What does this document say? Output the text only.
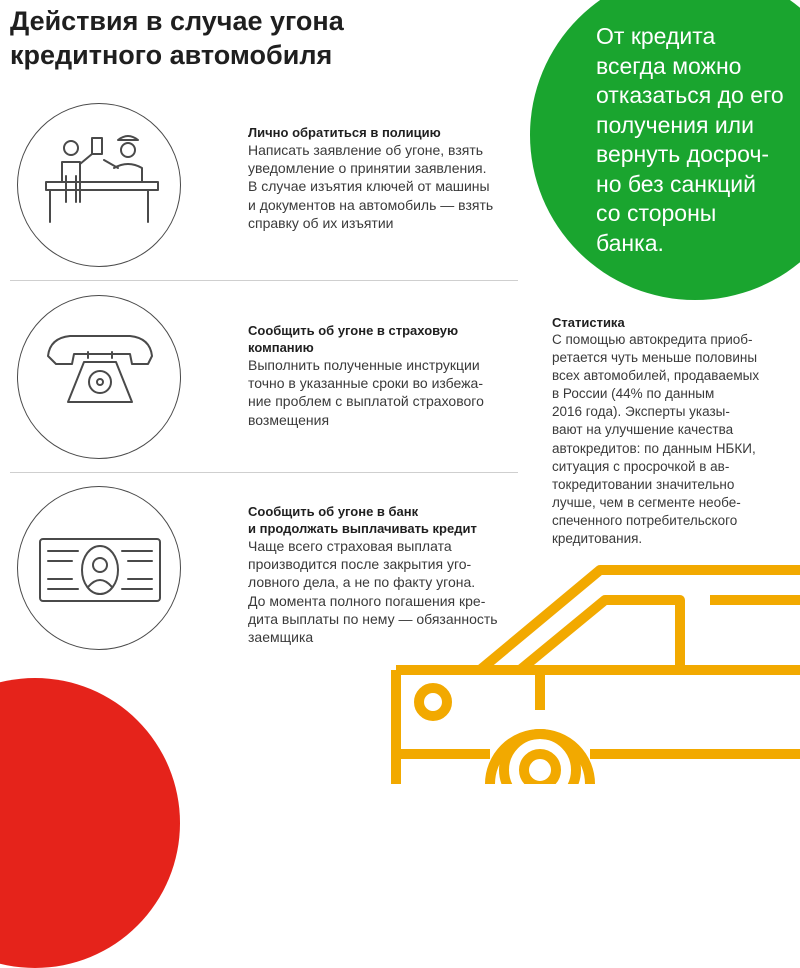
Действия в случае угона кредитного автомобиля
От кредита
всегда можно
отказаться до его
получения или
вернуть досроч-
но без санкций
со стороны
банка.
Лично обратиться в полицию

Написать заявление об угоне, взять
уведомление о принятии заявления.
В случае изъятия ключей от машины
и документов на автомобиль — взять
справку об их изъятии

Сообщить об угоне в страховую
компанию

Выполнить полученные инструкции
точно в указанные сроки во избежа-
ние проблем с выплатой страхового
возмещения

Сообщить об угоне в банк
и продолжать выплачивать кредит

Чаще всего страховая выплата
производится после закрытия уго-
ловного дела, а не по факту угона.
До момента полного погашения кре-
дита выплаты по нему — обязанность
заемщика

Статистика

С помощью автокредита приоб-
ретается чуть меньше половины
всех автомобилей, продаваемых
в России (44% по данным
2016 года). Эксперты указы-
вают на улучшение качества
автокредитов: по данным НБКИ,
ситуация с просрочкой в ав-
токредитовании значительно
лучше, чем в сегменте необе-
спеченного потребительского
кредитования.
